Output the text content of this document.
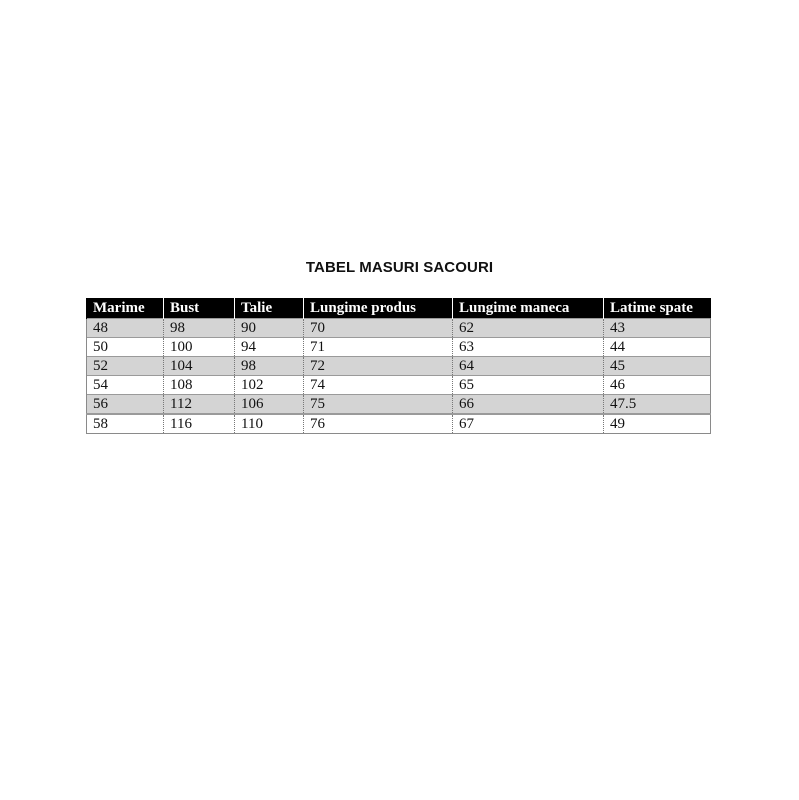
TABEL MASURI SACOURI
Marime	Bust	Talie	Lungime produs	Lungime maneca	Latime spate
48	98	90	70	62	43
50	100	94	71	63	44
52	104	98	72	64	45
54	108	102	74	65	46
56	112	106	75	66	47.5
58	116	110	76	67	49
